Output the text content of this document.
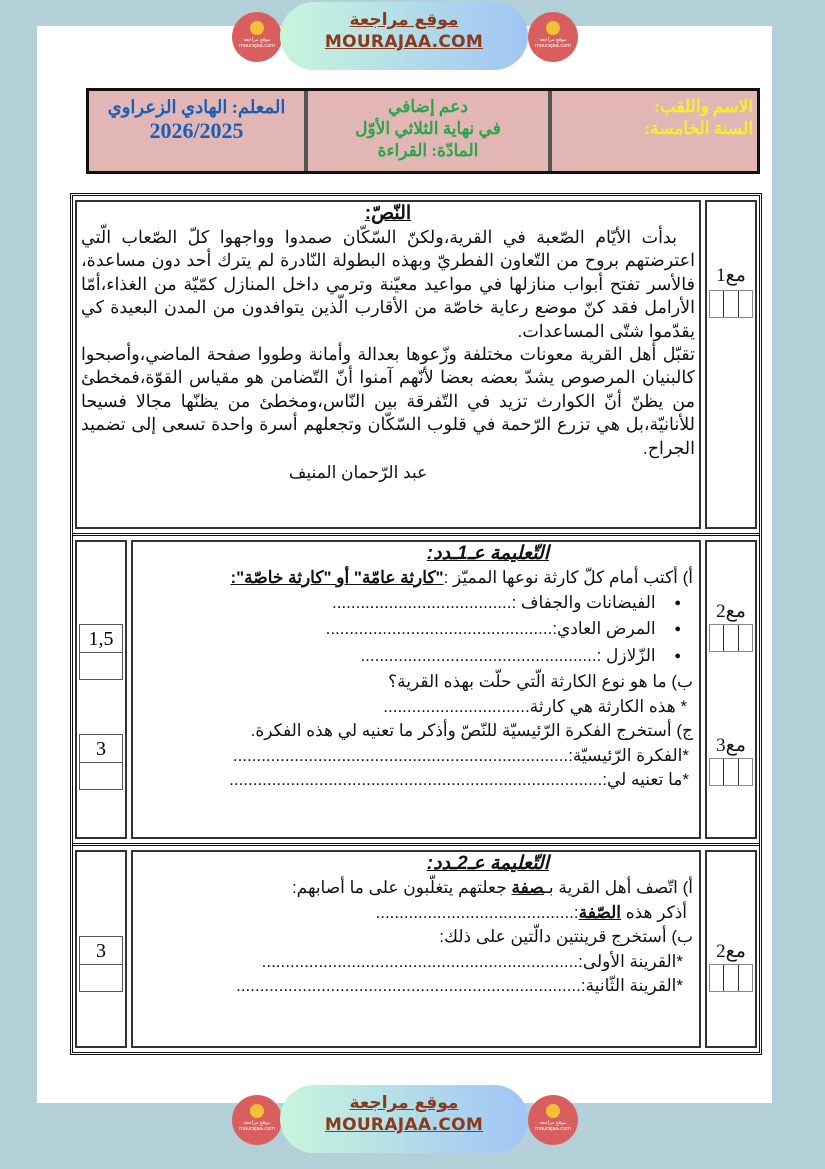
موقع مراجعة mourajaa.com
موقع مراجعة
MOURAJAA.COM	موقع مراجعة mourajaa.com
الاسم واللقب:
السنة الخامسة:
دعم إضافي
في نهاية الثلاثي الأوّل
المادّة: القراءة
المعلم: الهادي الزعراوي
2026/2025
النّصّ:
بدأت الأيّام الصّعبة في القرية،ولكنّ السّكّان صمدوا وواجهوا كلّ الصّعاب الّتي اعترضتهم بروح من التّعاون الفطريّ وبهذه البطولة النّادرة لم يترك أحد دون مساعدة، فالأسر تفتح أبواب منازلها في مواعيد معيّنة وترمي داخل المنازل كمّيّة من الغذاء،أمّا الأرامل فقد كنّ موضع رعاية خاصّة من الأقارب الّذين يتوافدون من المدن البعيدة كي يقدّموا شتّى المساعدات.
تقبّل أهل القرية معونات مختلفة وزّعوها بعدالة وأمانة وطووا صفحة الماضي،وأصبحوا كالبنيان المرصوص يشدّ بعضه بعضا لأنّهم آمنوا أنّ التّضامن هو مقياس القوّة،فمخطئ من يظنّ أنّ الكوارث تزيد في التّفرقة بين النّاس،ومخطئ من يظنّها مجالا فسيحا للأنانيّة،بل هي تزرع الرّحمة في قلوب السّكّان وتجعلهم أسرة واحدة تسعى إلى تضميد الجراح.
عبد الرّحمان المنيف
مع1
1,5
3
التّعليمة عـ1ـدد:
أ) أكتب أمام كلّ كارثة نوعها المميّز :"كارثة عامّة" أو "كارثة خاصّة":
● الفيضانات والجفاف :......................................
● المرض العادي:................................................
● الزّلازل :..................................................
ب) ما هو نوع الكارثة الّتي حلّت بهذه القرية؟
* هذه الكارثة هي كارثة...............................
ج) أستخرج الفكرة الرّئيسيّة للنّصّ وأذكر ما تعنيه لي هذه الفكرة.
*الفكرة الرّئيسيّة:.......................................................................
*ما تعنيه لي:...............................................................................
مع2
مع3
3
التّعليمة عـ2ـدد:
أ) اتّصف أهل القرية بـصفة جعلتهم يتغلّبون على ما أصابهم:
أذكر هذه الصّفة:..........................................
ب) أستخرج قرينتين دالّتين على ذلك:
*القرينة الأولى:...................................................................
*القرينة الثّانية:.........................................................................
مع2
موقع مراجعة mourajaa.com
موقع مراجعة
MOURAJAA.COM	موقع مراجعة mourajaa.com
